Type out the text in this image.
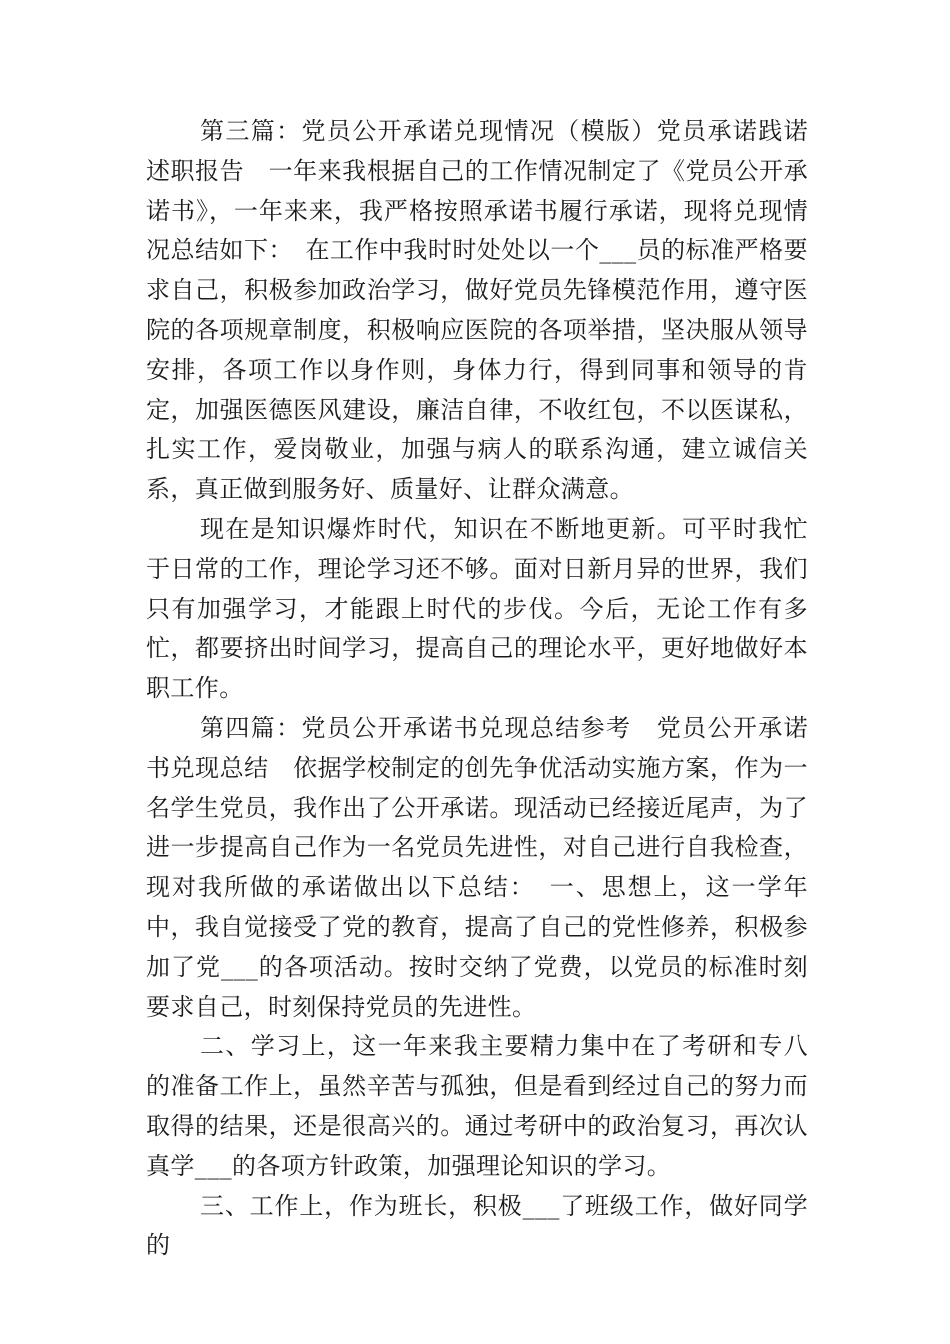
第三篇：党员公开承诺兑现情况（模版）党员承诺践诺述职报告　一年来我根据自己的工作情况制定了《党员公开承诺书》，一年来来，我严格按照承诺书履行承诺，现将兑现情况总结如下：　在工作中我时时处处以一个___员的标准严格要求自己，积极参加政治学习，做好党员先锋模范作用，遵守医院的各项规章制度，积极响应医院的各项举措，坚决服从领导安排，各项工作以身作则，身体力行，得到同事和领导的肯定，加强医德医风建设，廉洁自律，不收红包，不以医谋私，扎实工作，爱岗敬业，加强与病人的联系沟通，建立诚信关系，真正做到服务好、质量好、让群众满意。

现在是知识爆炸时代，知识在不断地更新。可平时我忙于日常的工作，理论学习还不够。面对日新月异的世界，我们只有加强学习，才能跟上时代的步伐。今后，无论工作有多忙，都要挤出时间学习，提高自己的理论水平，更好地做好本职工作。

第四篇：党员公开承诺书兑现总结参考　党员公开承诺书兑现总结　依据学校制定的创先争优活动实施方案，作为一名学生党员，我作出了公开承诺。现活动已经接近尾声，为了进一步提高自己作为一名党员先进性，对自己进行自我检查，现对我所做的承诺做出以下总结：　一、思想上，这一学年中，我自觉接受了党的教育，提高了自己的党性修养，积极参加了党___的各项活动。按时交纳了党费，以党员的标准时刻要求自己，时刻保持党员的先进性。

二、学习上，这一年来我主要精力集中在了考研和专八的准备工作上，虽然辛苦与孤独，但是看到经过自己的努力而取得的结果，还是很高兴的。通过考研中的政治复习，再次认真学___的各项方针政策，加强理论知识的学习。

三、工作上，作为班长，积极___了班级工作，做好同学的
